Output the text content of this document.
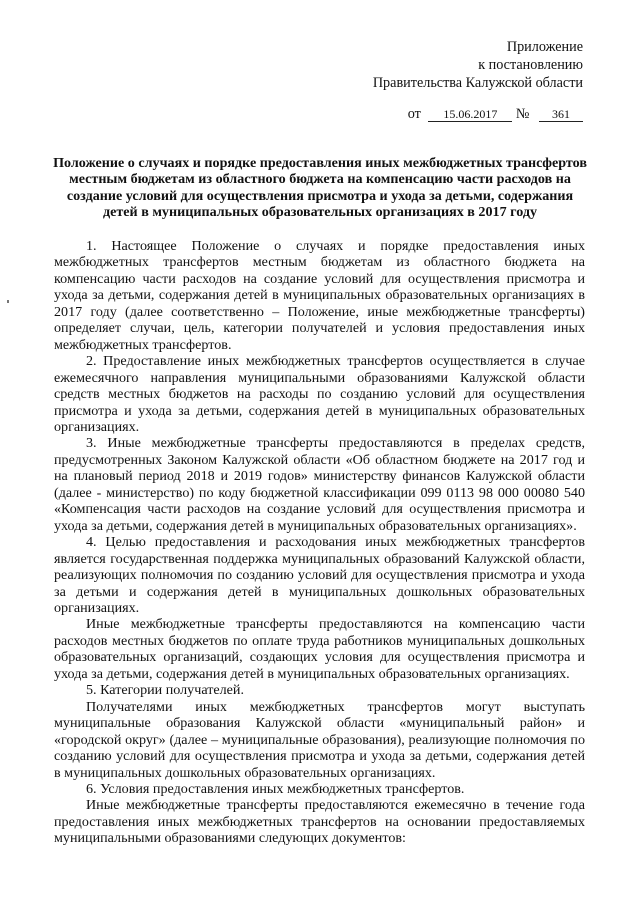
Приложение
к постановлению
Правительства Калужской области
от 15.06.2017 № 361
Положение о случаях и порядке предоставления иных межбюджетных трансфертов местным бюджетам из областного бюджета на компенсацию части расходов на создание условий для осуществления присмотра и ухода за детьми, содержания детей в муниципальных образовательных организациях в 2017 году

1. Настоящее Положение о случаях и порядке предоставления иных межбюджетных трансфертов местным бюджетам из областного бюджета на компенсацию части расходов на создание условий для осуществления присмотра и ухода за детьми, содержания детей в муниципальных образовательных организациях в 2017 году (далее соответственно – Положение, иные межбюджетные трансферты) определяет случаи, цель, категории получателей и условия предоставления иных межбюджетных трансфертов.

2. Предоставление иных межбюджетных трансфертов осуществляется в случае ежемесячного направления муниципальными образованиями Калужской области средств местных бюджетов на расходы по созданию условий для осуществления присмотра и ухода за детьми, содержания детей в муниципальных образовательных организациях.

3. Иные межбюджетные трансферты предоставляются в пределах средств, предусмотренных Законом Калужской области «Об областном бюджете на 2017 год и на плановый период 2018 и 2019 годов» министерству финансов Калужской области (далее - министерство) по коду бюджетной классификации 099 0113 98 000 00080 540 «Компенсация части расходов на создание условий для осуществления присмотра и ухода за детьми, содержания детей в муниципальных образовательных организациях».

4. Целью предоставления и расходования иных межбюджетных трансфертов является государственная поддержка муниципальных образований Калужской области, реализующих полномочия по созданию условий для осуществления присмотра и ухода за детьми и содержания детей в муниципальных дошкольных образовательных организациях.

Иные межбюджетные трансферты предоставляются на компенсацию части расходов местных бюджетов по оплате труда работников муниципальных дошкольных образовательных организаций, создающих условия для осуществления присмотра и ухода за детьми, содержания детей в муниципальных образовательных организациях.

5. Категории получателей.

Получателями иных межбюджетных трансфертов могут выступать муниципальные образования Калужской области «муниципальный район» и «городской округ» (далее – муниципальные образования), реализующие полномочия по созданию условий для осуществления присмотра и ухода за детьми, содержания детей в муниципальных дошкольных образовательных организациях.

6. Условия предоставления иных межбюджетных трансфертов.

Иные межбюджетные трансферты предоставляются ежемесячно в течение года предоставления иных межбюджетных трансфертов на основании предоставляемых муниципальными образованиями следующих документов:
